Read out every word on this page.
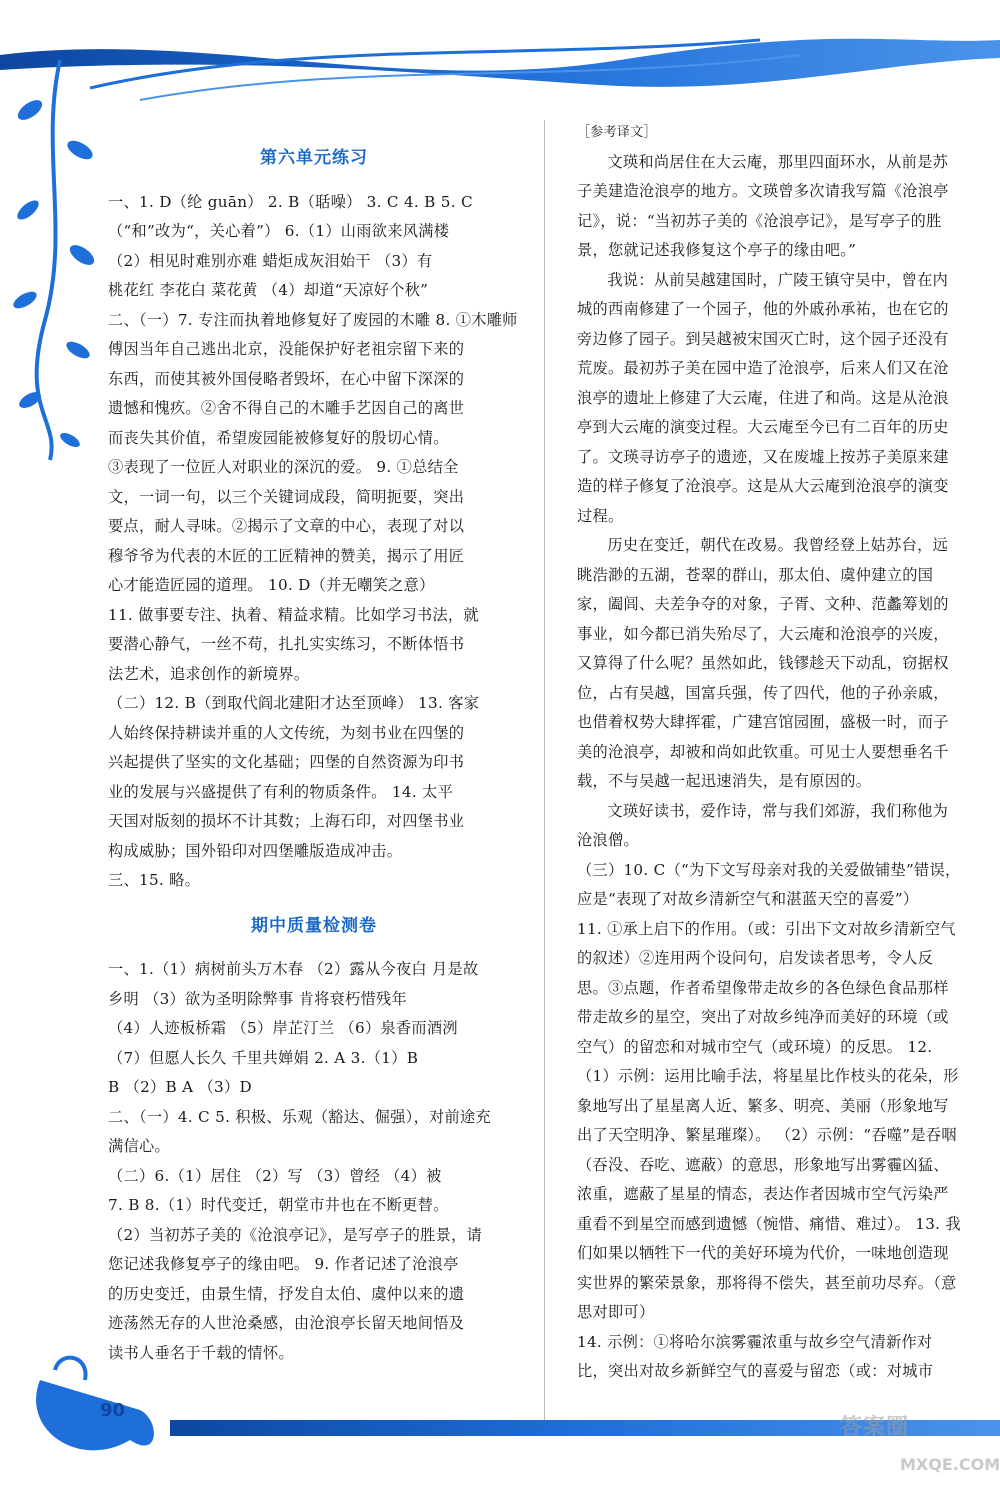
90
第六单元练习

一、1. D（纶 guān） 2. B（聒噪） 3. C 4. B 5. C

（“和”改为“，关心着”） 6.（1）山雨欲来风满楼

（2）相见时难别亦难 蜡炬成灰泪始干 （3）有

桃花红 李花白 菜花黄 （4）却道“天凉好个秋”

二、（一）7. 专注而执着地修复好了废园的木雕 8. ①木雕师

傅因当年自己逃出北京，没能保护好老祖宗留下来的

东西，而使其被外国侵略者毁坏，在心中留下深深的

遗憾和愧疚。②舍不得自己的木雕手艺因自己的离世

而丧失其价值，希望废园能被修复好的殷切心情。

③表现了一位匠人对职业的深沉的爱。 9. ①总结全

文，一词一句，以三个关键词成段，简明扼要，突出

要点，耐人寻味。②揭示了文章的中心，表现了对以

穆爷爷为代表的木匠的工匠精神的赞美，揭示了用匠

心才能造匠园的道理。 10. D（并无嘲笑之意）

11. 做事要专注、执着、精益求精。比如学习书法，就

要潜心静气，一丝不苟，扎扎实实练习，不断体悟书

法艺术，追求创作的新境界。

（二）12. B（到取代阎北建阳才达至顶峰） 13. 客家

人始终保持耕读并重的人文传统，为刻书业在四堡的

兴起提供了坚实的文化基础；四堡的自然资源为印书

业的发展与兴盛提供了有利的物质条件。 14. 太平

天国对版刻的损坏不计其数；上海石印，对四堡书业

构成威胁；国外铅印对四堡雕版造成冲击。

三、15. 略。

期中质量检测卷

一、1.（1）病树前头万木春 （2）露从今夜白 月是故

乡明 （3）欲为圣明除弊事 肯将衰朽惜残年

（4）人迹板桥霜 （5）岸芷汀兰 （6）泉香而酒洌

（7）但愿人长久 千里共婵娟 2. A 3.（1）B

B （2）B A （3）D

二、（一）4. C 5. 积极、乐观（豁达、倔强），对前途充

满信心。

（二）6.（1）居住 （2）写 （3）曾经 （4）被

7. B 8.（1）时代变迁，朝堂市井也在不断更替。

（2）当初苏子美的《沧浪亭记》，是写亭子的胜景，请

您记述我修复亭子的缘由吧。 9. 作者记述了沧浪亭

的历史变迁，由景生情，抒发自太伯、虞仲以来的遗

迹荡然无存的人世沧桑感，由沧浪亭长留天地间悟及

读书人垂名于千载的情怀。

［参考译文］

文瑛和尚居住在大云庵，那里四面环水，从前是苏子美建造沧浪亭的地方。文瑛曾多次请我写篇《沧浪亭记》，说：“当初苏子美的《沧浪亭记》，是写亭子的胜景，您就记述我修复这个亭子的缘由吧。”

我说：从前吴越建国时，广陵王镇守吴中，曾在内城的西南修建了一个园子，他的外戚孙承祐，也在它的旁边修了园子。到吴越被宋国灭亡时，这个园子还没有荒废。最初苏子美在园中造了沧浪亭，后来人们又在沧浪亭的遗址上修建了大云庵，住进了和尚。这是从沧浪亭到大云庵的演变过程。大云庵至今已有二百年的历史了。文瑛寻访亭子的遗迹，又在废墟上按苏子美原来建造的样子修复了沧浪亭。这是从大云庵到沧浪亭的演变过程。

历史在变迁，朝代在改易。我曾经登上姑苏台，远眺浩渺的五湖，苍翠的群山，那太伯、虞仲建立的国家，阖闾、夫差争夺的对象，子胥、文种、范蠡筹划的事业，如今都已消失殆尽了，大云庵和沧浪亭的兴废，又算得了什么呢？虽然如此，钱镠趁天下动乱，窃据权位，占有吴越，国富兵强，传了四代，他的子孙亲戚，也借着权势大肆挥霍，广建宫馆园囿，盛极一时，而子美的沧浪亭，却被和尚如此钦重。可见士人要想垂名千载，不与吴越一起迅速消失，是有原因的。

文瑛好读书，爱作诗，常与我们郊游，我们称他为沧浪僧。

（三）10. C（“为下文写母亲对我的关爱做铺垫”错误，应是“表现了对故乡清新空气和湛蓝天空的喜爱”）

11. ①承上启下的作用。（或：引出下文对故乡清新空气的叙述）②连用两个设问句，启发读者思考，令人反思。③点题，作者希望像带走故乡的各色绿色食品那样带走故乡的星空，突出了对故乡纯净而美好的环境（或空气）的留恋和对城市空气（或环境）的反思。 12.（1）示例：运用比喻手法，将星星比作枝头的花朵，形象地写出了星星离人近、繁多、明亮、美丽（形象地写出了天空明净、繁星璀璨）。 （2）示例：“吞噬”是吞咽（吞没、吞吃、遮蔽）的意思，形象地写出雾霾凶猛、浓重，遮蔽了星星的情态，表达作者因城市空气污染严重看不到星空而感到遗憾（惋惜、痛惜、难过）。 13. 我们如果以牺牲下一代的美好环境为代价，一味地创造现实世界的繁荣景象，那将得不偿失，甚至前功尽弃。（意思对即可）

14. 示例：①将哈尔滨雾霾浓重与故乡空气清新作对比，突出对故乡新鲜空气的喜爱与留恋（或：对城市

答案圈
MXQE.COM
